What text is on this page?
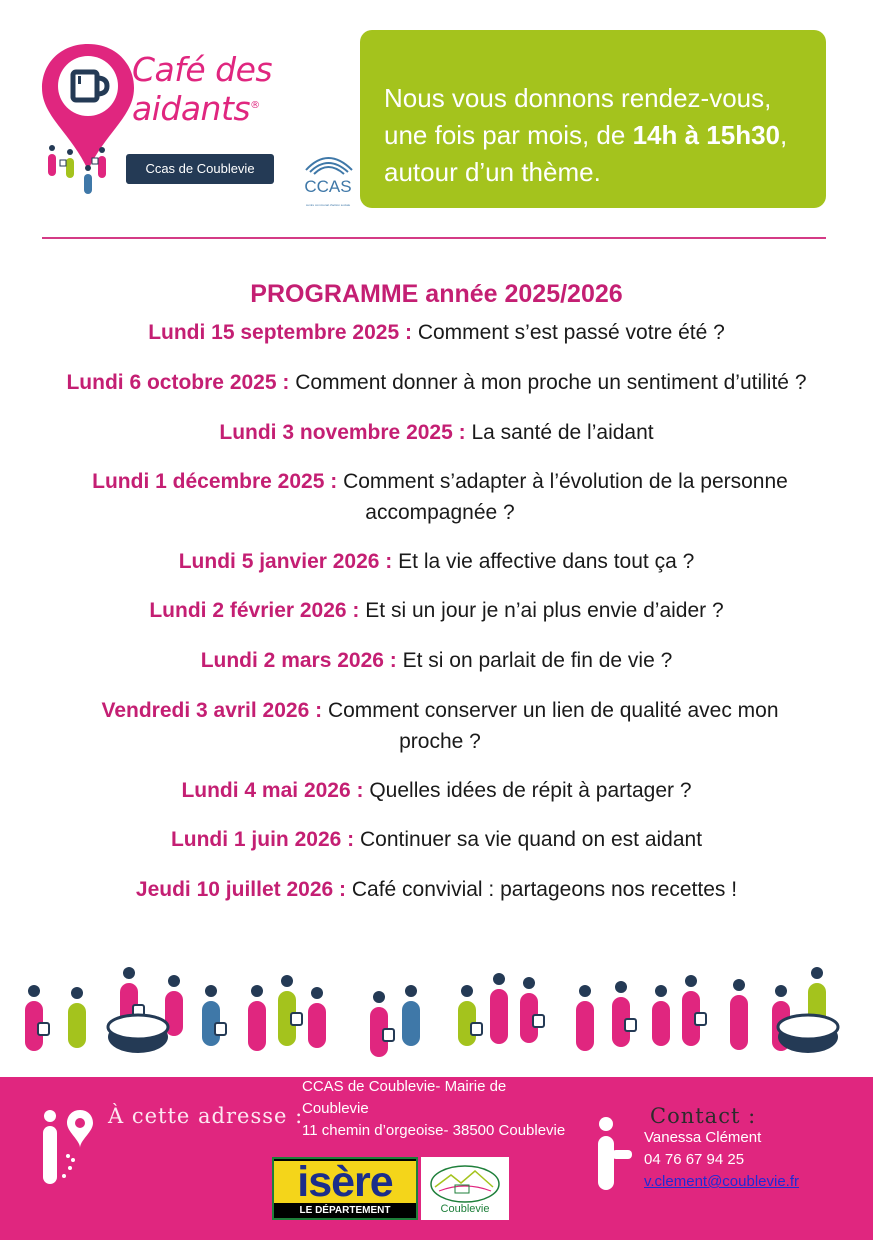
Café des
aidants®
Ccas de Coublevie
CCAS
centre communal d'action sociale
Nous vous donnons rendez-vous, une fois par mois, de 14h à 15h30, autour d’un thème.
PROGRAMME année 2025/2026
Lundi 15 septembre 2025 : Comment s’est passé votre été ?
Lundi 6 octobre 2025 : Comment donner à mon proche un sentiment d’utilité ?
Lundi 3 novembre 2025 : La santé de l’aidant
Lundi 1 décembre 2025 : Comment s’adapter à l’évolution de la personne accompagnée ?
Lundi 5 janvier 2026 : Et la vie affective dans tout ça ?
Lundi 2 février 2026 : Et si un jour je n’ai plus envie d’aider ?
Lundi 2 mars 2026 : Et si on parlait de fin de vie ?
Vendredi 3 avril 2026 : Comment conserver un lien de qualité avec mon proche ?
Lundi 4 mai 2026 : Quelles idées de répit à partager ?
Lundi 1 juin 2026 : Continuer sa vie quand on est aidant
Jeudi 10 juillet 2026 : Café convivial : partageons nos recettes !
À cette adresse :
CCAS de Coublevie- Mairie de
Coublevie
11 chemin d’orgeoise- 38500 Coublevie
Contact :
Vanessa Clément
04 76 67 94 25
v.clement@coublevie.fr
isère
LE DÉPARTEMENT	Coublevie
